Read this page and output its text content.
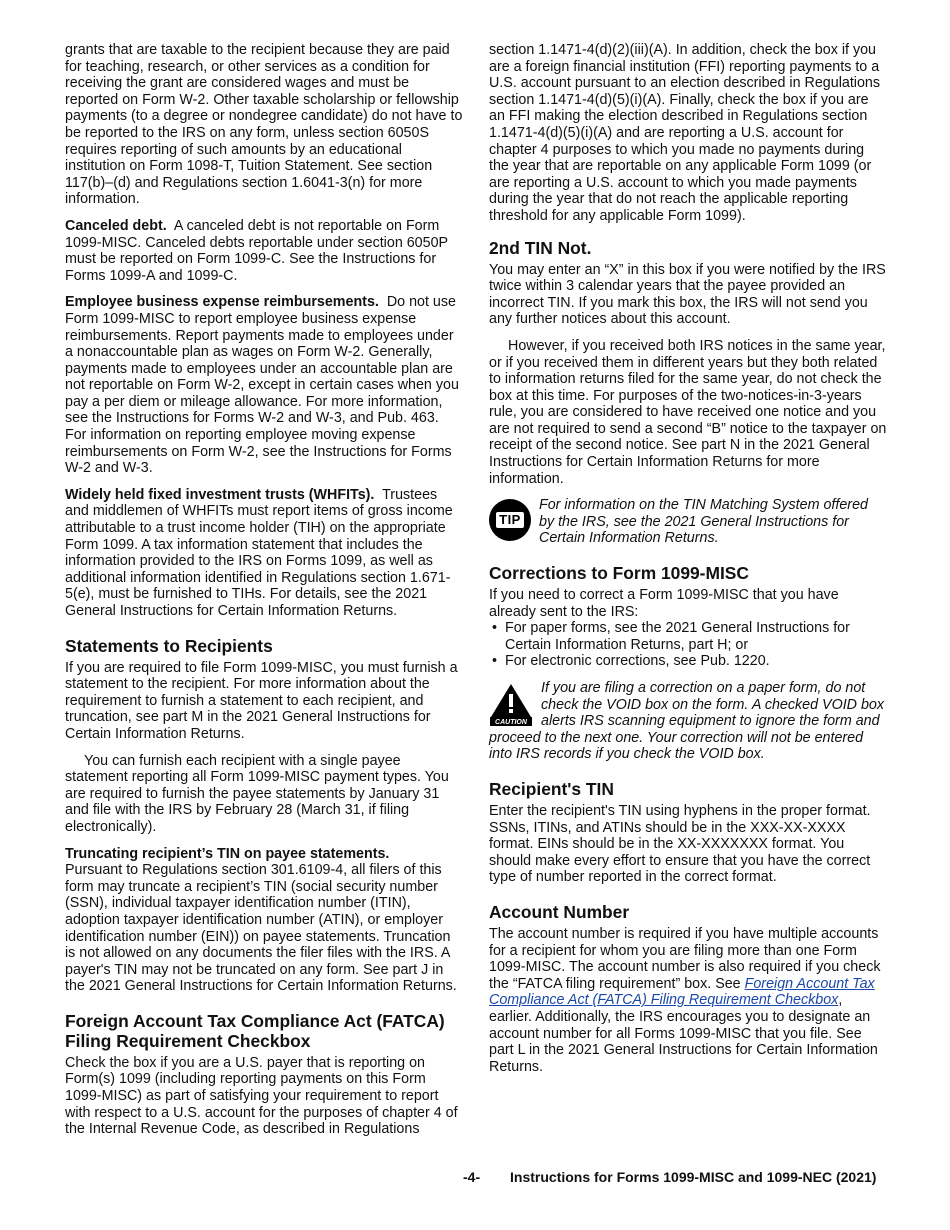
grants that are taxable to the recipient because they are paid for teaching, research, or other services as a condition for receiving the grant are considered wages and must be reported on Form W-2. Other taxable scholarship or fellowship payments (to a degree or nondegree candidate) do not have to be reported to the IRS on any form, unless section 6050S requires reporting of such amounts by an educational institution on Form 1098-T, Tuition Statement. See section 117(b)–(d) and Regulations section 1.6041-3(n) for more information.

Canceled debt. A canceled debt is not reportable on Form 1099-MISC. Canceled debts reportable under section 6050P must be reported on Form 1099-C. See the Instructions for Forms 1099-A and 1099-C.

Employee business expense reimbursements. Do not use Form 1099-MISC to report employee business expense reimbursements. Report payments made to employees under a nonaccountable plan as wages on Form W-2. Generally, payments made to employees under an accountable plan are not reportable on Form W-2, except in certain cases when you pay a per diem or mileage allowance. For more information, see the Instructions for Forms W-2 and W-3, and Pub. 463. For information on reporting employee moving expense reimbursements on Form W-2, see the Instructions for Forms W-2 and W-3.

Widely held fixed investment trusts (WHFITs). Trustees and middlemen of WHFITs must report items of gross income attributable to a trust income holder (TIH) on the appropriate Form 1099. A tax information statement that includes the information provided to the IRS on Forms 1099, as well as additional information identified in Regulations section 1.671-5(e), must be furnished to TIHs. For details, see the 2021 General Instructions for Certain Information Returns.

Statements to Recipients

If you are required to file Form 1099-MISC, you must furnish a statement to the recipient. For more information about the requirement to furnish a statement to each recipient, and truncation, see part M in the 2021 General Instructions for Certain Information Returns.

You can furnish each recipient with a single payee statement reporting all Form 1099-MISC payment types. You are required to furnish the payee statements by January 31 and file with the IRS by February 28 (March 31, if filing electronically).

Truncating recipient’s TIN on payee statements.
Pursuant to Regulations section 301.6109-4, all filers of this form may truncate a recipient’s TIN (social security number (SSN), individual taxpayer identification number (ITIN), adoption taxpayer identification number (ATIN), or employer identification number (EIN)) on payee statements. Truncation is not allowed on any documents the filer files with the IRS. A payer's TIN may not be truncated on any form. See part J in the 2021 General Instructions for Certain Information Returns.

Foreign Account Tax Compliance Act (FATCA) Filing Requirement Checkbox

Check the box if you are a U.S. payer that is reporting on Form(s) 1099 (including reporting payments on this Form 1099-MISC) as part of satisfying your requirement to report with respect to a U.S. account for the purposes of chapter 4 of the Internal Revenue Code, as described in Regulations

section 1.1471-4(d)(2)(iii)(A). In addition, check the box if you are a foreign financial institution (FFI) reporting payments to a U.S. account pursuant to an election described in Regulations section 1.1471-4(d)(5)(i)(A). Finally, check the box if you are an FFI making the election described in Regulations section 1.1471-4(d)(5)(i)(A) and are reporting a U.S. account for chapter 4 purposes to which you made no payments during the year that are reportable on any applicable Form 1099 (or are reporting a U.S. account to which you made payments during the year that do not reach the applicable reporting threshold for any applicable Form 1099).

2nd TIN Not.

You may enter an “X” in this box if you were notified by the IRS twice within 3 calendar years that the payee provided an incorrect TIN. If you mark this box, the IRS will not send you any further notices about this account.

However, if you received both IRS notices in the same year, or if you received them in different years but they both related to information returns filed for the same year, do not check the box at this time. For purposes of the two-notices-in-3-years rule, you are considered to have received one notice and you are not required to send a second “B” notice to the taxpayer on receipt of the second notice. See part N in the 2021 General Instructions for Certain Information Returns for more information.

TIP
For information on the TIN Matching System offered by the IRS, see the 2021 General Instructions for Certain Information Returns.
Corrections to Form 1099-MISC
If you need to correct a Form 1099-MISC that you have already sent to the IRS:
• For paper forms, see the 2021 General Instructions for Certain Information Returns, part H; or
• For electronic corrections, see Pub. 1220.
CAUTION
If you are filing a correction on a paper form, do not check the VOID box on the form. A checked VOID box alerts IRS scanning equipment to ignore the form and proceed to the next one. Your correction will not be entered into IRS records if you check the VOID box.
Recipient's TIN

Enter the recipient's TIN using hyphens in the proper format. SSNs, ITINs, and ATINs should be in the XXX-XX-XXXX format. EINs should be in the XX-XXXXXXX format. You should make every effort to ensure that you have the correct type of number reported in the correct format.

Account Number

The account number is required if you have multiple accounts for a recipient for whom you are filing more than one Form 1099-MISC. The account number is also required if you check the “FATCA filing requirement” box. See Foreign Account Tax Compliance Act (FATCA) Filing Requirement Checkbox, earlier. Additionally, the IRS encourages you to designate an account number for all Forms 1099-MISC that you file. See part L in the 2021 General Instructions for Certain Information Returns.

-4- Instructions for Forms 1099-MISC and 1099-NEC (2021)
